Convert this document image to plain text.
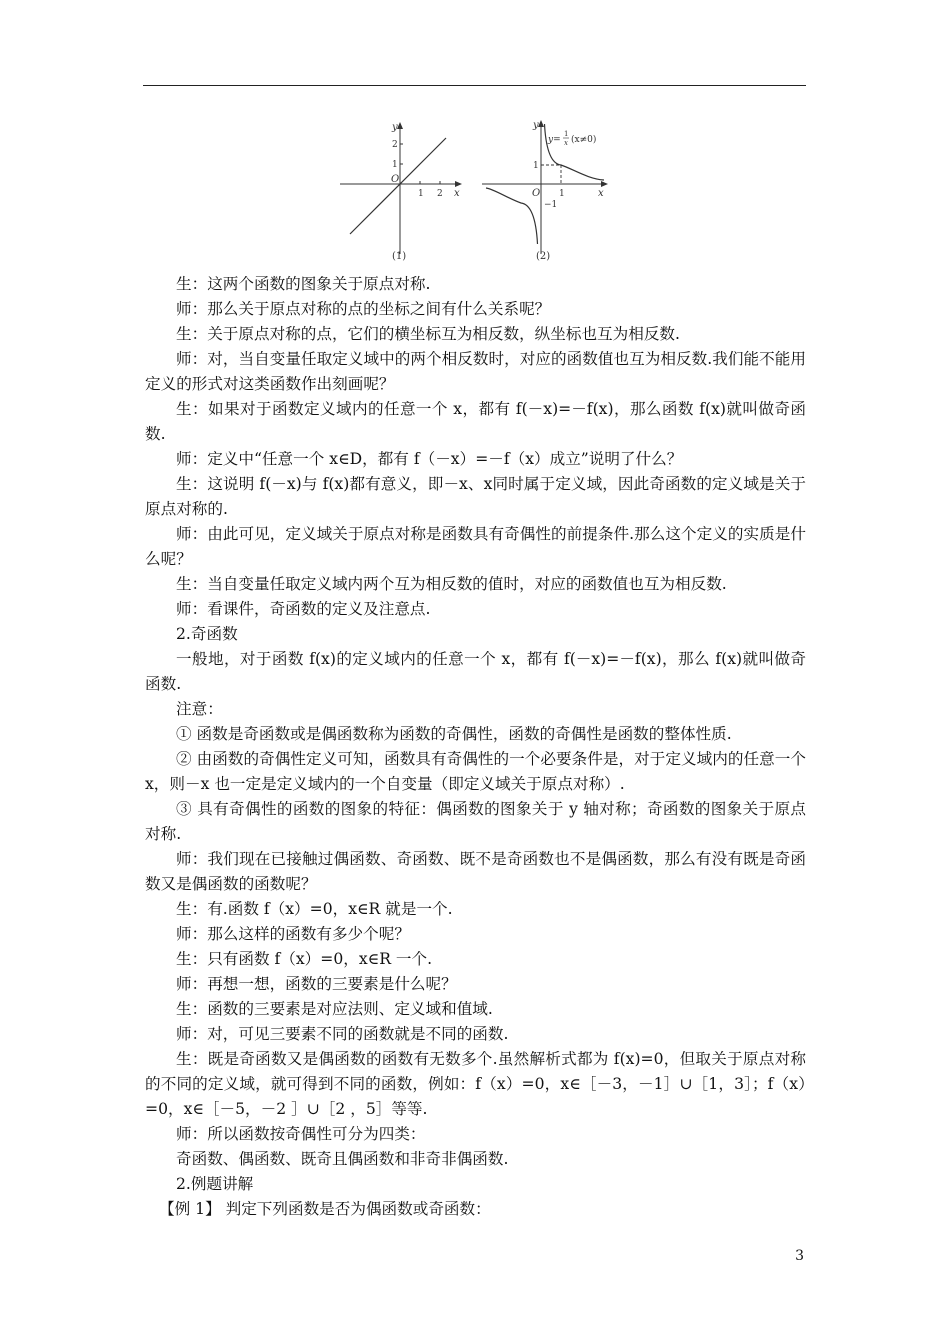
x
y
O
1 2
1
2
(1)
x
y
O 1
1
−1
y=
1
x (x≠0)
(2)

生：这两个函数的图象关于原点对称.

师：那么关于原点对称的点的坐标之间有什么关系呢？

生：关于原点对称的点，它们的横坐标互为相反数，纵坐标也互为相反数.

师：对，当自变量任取定义域中的两个相反数时，对应的函数值也互为相反数.我们能不能用定义的形式对这类函数作出刻画呢？

生：如果对于函数定义域内的任意一个 x，都有 f(－x)=－f(x)，那么函数 f(x)就叫做奇函数.

师：定义中“任意一个 x∈D，都有 f（－x）=－f（x）成立”说明了什么？

生：这说明 f(－x)与 f(x)都有意义，即－x、x同时属于定义域，因此奇函数的定义域是关于原点对称的.

师：由此可见，定义域关于原点对称是函数具有奇偶性的前提条件.那么这个定义的实质是什么呢？

生：当自变量任取定义域内两个互为相反数的值时，对应的函数值也互为相反数.

师：看课件，奇函数的定义及注意点.

2.奇函数

一般地，对于函数 f(x)的定义域内的任意一个 x，都有 f(－x)=－f(x)，那么 f(x)就叫做奇函数.

注意：

① 函数是奇函数或是偶函数称为函数的奇偶性，函数的奇偶性是函数的整体性质.

② 由函数的奇偶性定义可知，函数具有奇偶性的一个必要条件是，对于定义域内的任意一个 x，则－x 也一定是定义域内的一个自变量（即定义域关于原点对称）.

③ 具有奇偶性的函数的图象的特征：偶函数的图象关于 y 轴对称；奇函数的图象关于原点对称.

师：我们现在已接触过偶函数、奇函数、既不是奇函数也不是偶函数，那么有没有既是奇函数又是偶函数的函数呢？

生：有.函数 f（x）=0，x∈R 就是一个.

师：那么这样的函数有多少个呢？

生：只有函数 f（x）=0，x∈R 一个.

师：再想一想，函数的三要素是什么呢？

生：函数的三要素是对应法则、定义域和值域.

师：对，可见三要素不同的函数就是不同的函数.

生：既是奇函数又是偶函数的函数有无数多个.虽然解析式都为 f(x)=0，但取关于原点对称的不同的定义域，就可得到不同的函数，例如：f（x）=0，x∈［－3，－1］∪［1，3］；f（x）=0，x∈［－5，－2 ］∪［2 ，5］等等.

师：所以函数按奇偶性可分为四类：

奇函数、偶函数、既奇且偶函数和非奇非偶函数.

2.例题讲解

【例 1】 判定下列函数是否为偶函数或奇函数：

3
